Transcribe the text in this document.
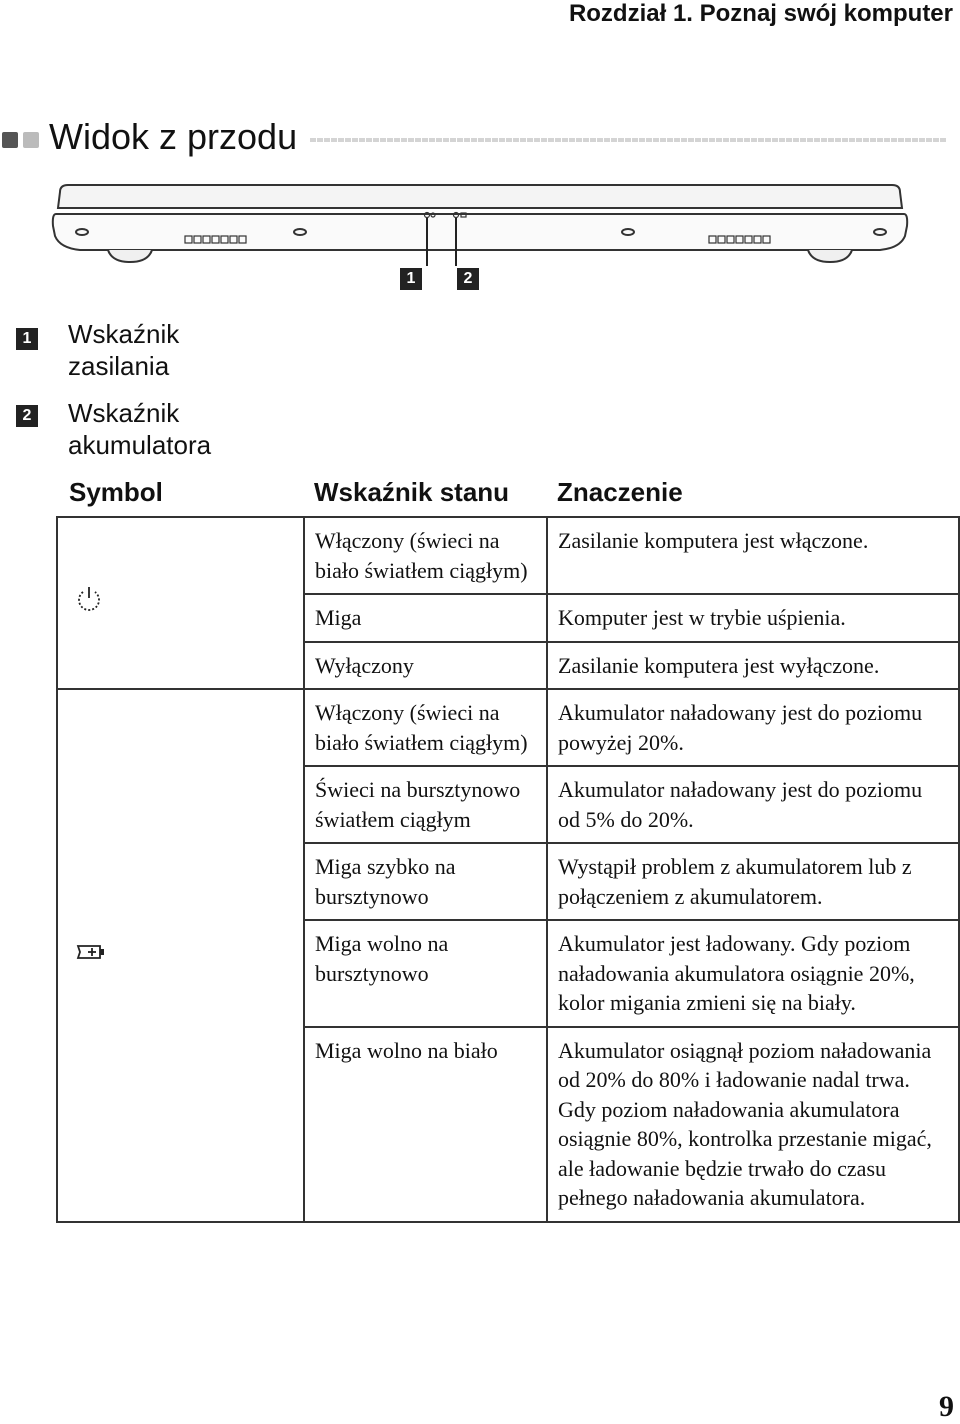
Rozdział 1. Poznaj swój komputer
Widok z przodu
1	2
1 Wskaźnik zasilania
2 Wskaźnik akumulatora
Symbol	Wskaźnik stanu	Znaczenie
	Włączony (świeci na biało światłem ciągłym)	Zasilanie komputera jest włączone.
	Miga	Komputer jest w trybie uśpienia.
	Wyłączony	Zasilanie komputera jest wyłączone.
	Włączony (świeci na biało światłem ciągłym)	Akumulator naładowany jest do poziomu powyżej 20%.
	Świeci na bursztynowo światłem ciągłym	Akumulator naładowany jest do poziomu od 5% do 20%.
	Miga szybko na bursztynowo	Wystąpił problem z akumulatorem lub z połączeniem z akumulatorem.
	Miga wolno na bursztynowo	Akumulator jest ładowany. Gdy poziom naładowania akumulatora osiągnie 20%, kolor migania zmieni się na biały.
	Miga wolno na biało	Akumulator osiągnął poziom naładowania od 20% do 80% i ładowanie nadal trwa. Gdy poziom naładowania akumulatora osiągnie 80%, kontrolka przestanie migać, ale ładowanie będzie trwało do czasu pełnego naładowania akumulatora.
9
